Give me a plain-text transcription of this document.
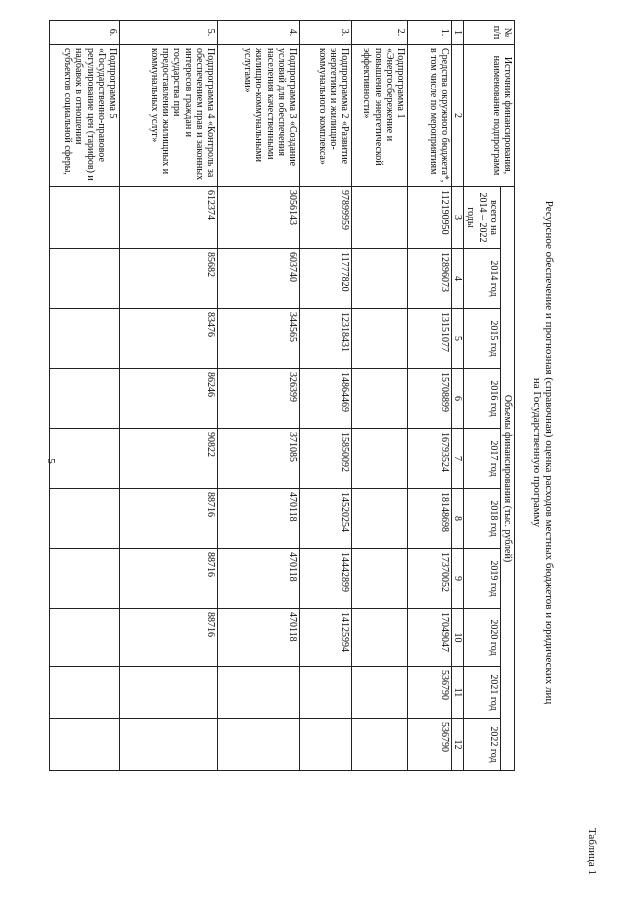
5
Таблица 1
Ресурсное обеспечение и прогнозная (справочная) оценка расходов местных бюджетов и юридических лиц
на Государственную программу
№ п/п	Источник финансирования, наименование подпрограмм	Объемы финансирования (тыс. рублей)									
		всего на 2014 – 2022 годы	2014 год	2015 год	2016 год	2017 год	2018 год	2019 год	2020 год	2021 год	2022 год
1	2	3	4	5	6	7	8	9	10	11	12
1.	Средства окружного бюджета*, в том числе по мероприятиям	112190950	12896073	13151077	15708899	16793524	18148698	17370052	17049047	536790	536790
2.	Подпрограмма 1 «Энергосбережение и повышение энергетической эффективности»										
3.	Подпрограмма 2 «Развитие энергетики и жилищно-коммунального комплекса»	97899959	11777820	12318431	14864469	15850092	14520254	14442899	14125994		
4.	Подпрограмма 3 «Создание условий для обеспечения населения качественными жилищно-коммунальными услугами»	3056143	603740	344565	326399	371085	470118	470118	470118		
5.	Подпрограмма 4 «Контроль за обеспечением прав и законных интересов граждан и государства при предоставлении жилищных и коммунальных услуг»	612374	85682	83476	86246	90822	88716	88716	88716		
6.	Подпрограмма 5 «Государственно-правовое регулирование цен (тарифов) и надбавок в отношении субъектов социальной сферы,										
